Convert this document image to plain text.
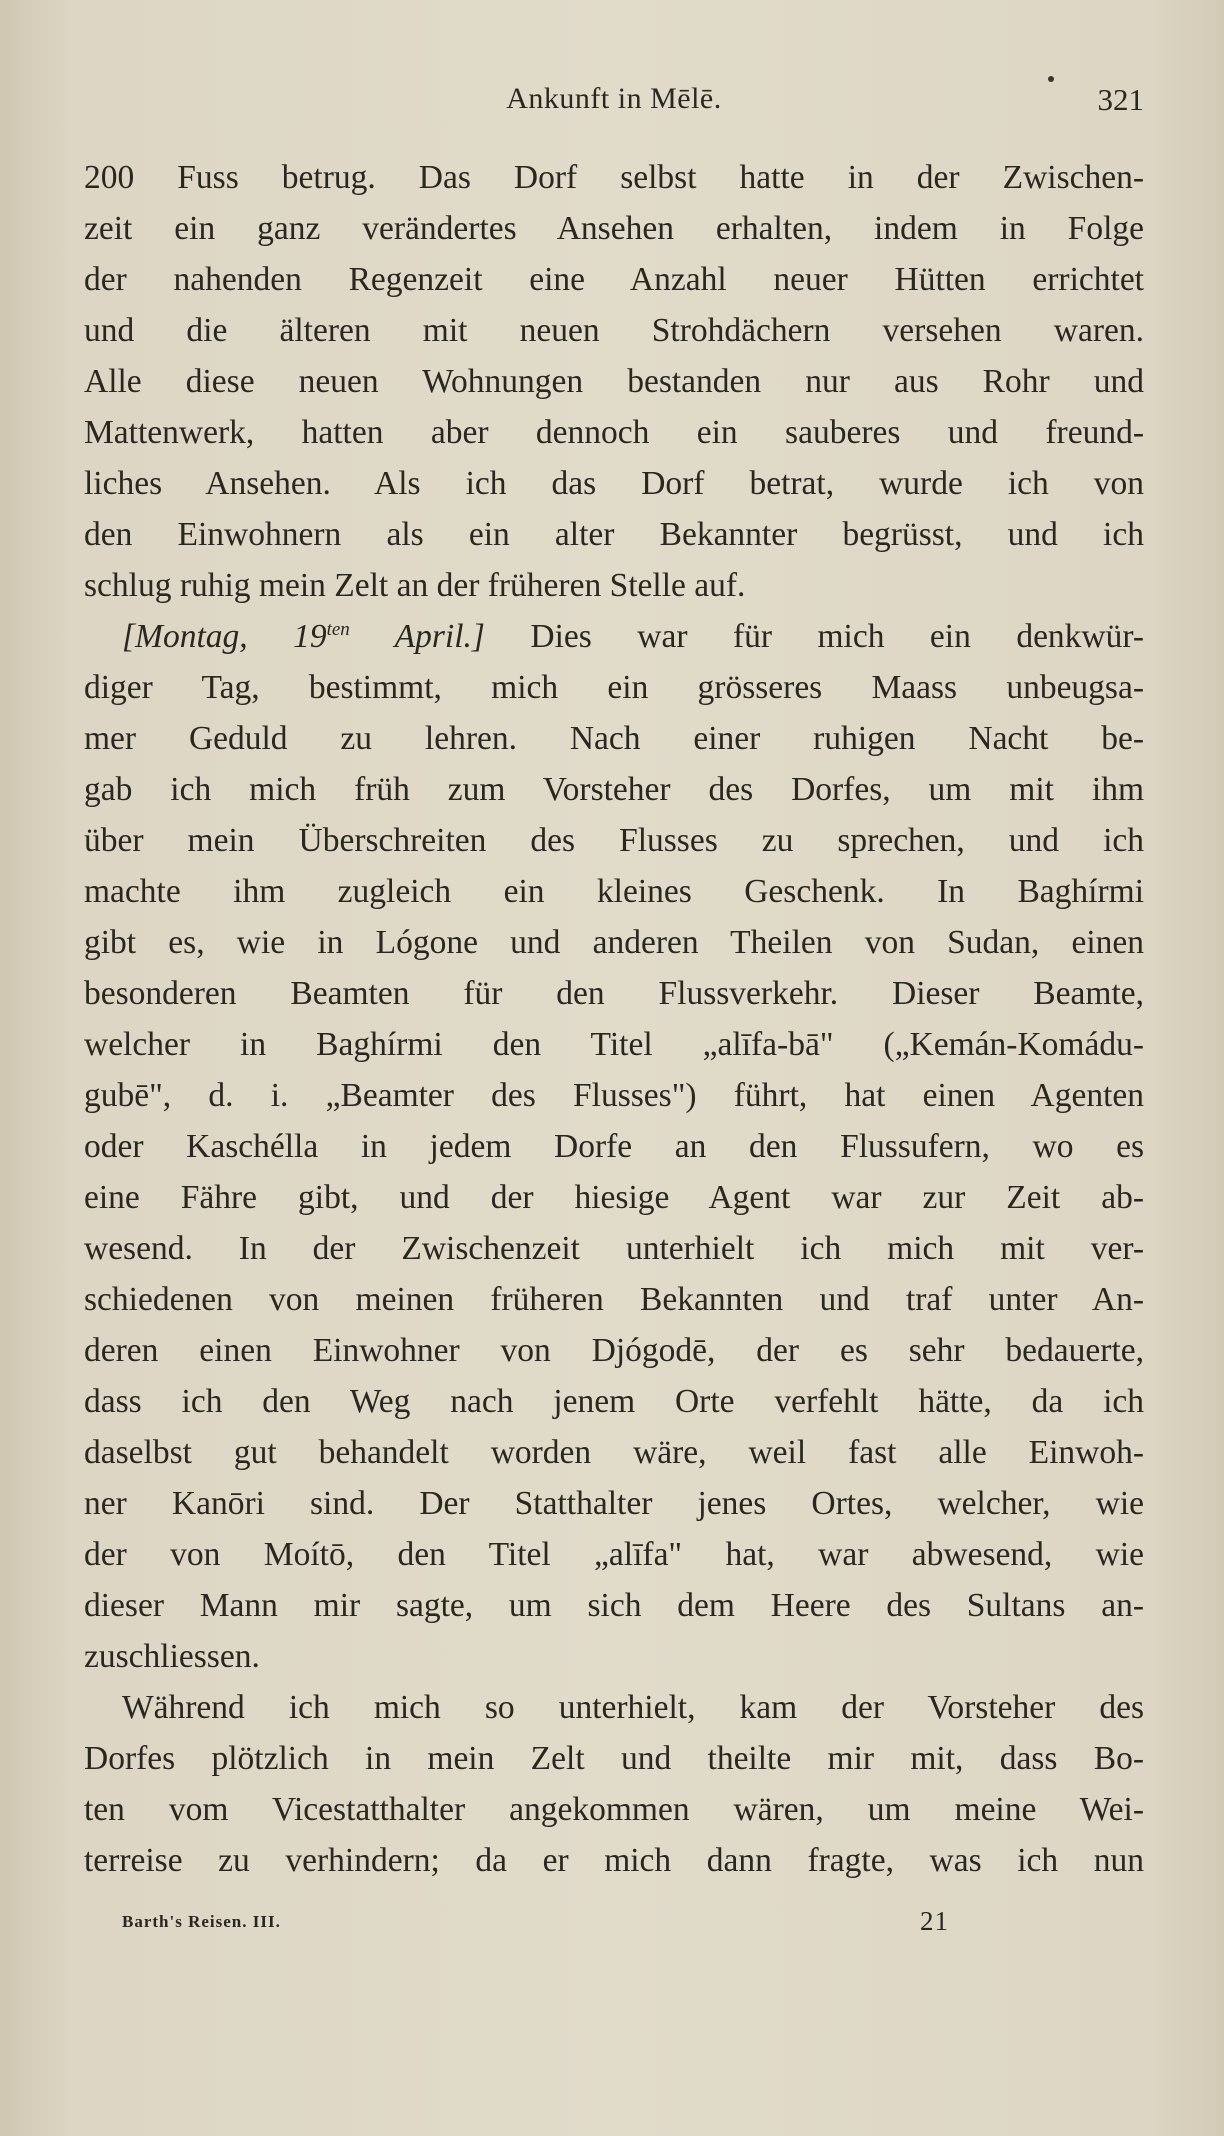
Ankunft in Mēlē.	321
200 Fuss betrug. Das Dorf selbst hatte in der Zwischen-
zeit ein ganz verändertes Ansehen erhalten, indem in Folge
der nahenden Regenzeit eine Anzahl neuer Hütten errichtet
und die älteren mit neuen Strohdächern versehen waren.
Alle diese neuen Wohnungen bestanden nur aus Rohr und
Mattenwerk, hatten aber dennoch ein sauberes und freund-
liches Ansehen. Als ich das Dorf betrat, wurde ich von
den Einwohnern als ein alter Bekannter begrüsst, und ich
schlug ruhig mein Zelt an der früheren Stelle auf.
[Montag, $19^{ten}$ April.] Dies war für mich ein denkwür-
diger Tag, bestimmt, mich ein grösseres Maass unbeugsa-
mer Geduld zu lehren. Nach einer ruhigen Nacht be-
gab ich mich früh zum Vorsteher des Dorfes, um mit ihm
über mein Überschreiten des Flusses zu sprechen, und ich
machte ihm zugleich ein kleines Geschenk. In Baghírmi
gibt es, wie in Lógone und anderen Theilen von Sudan, einen
besonderen Beamten für den Flussverkehr. Dieser Beamte,
welcher in Baghírmi den Titel „alīfa-bā" („Kemán-Komádu-
gubē", d. i. „Beamter des Flusses") führt, hat einen Agenten
oder Kaschélla in jedem Dorfe an den Flussufern, wo es
eine Fähre gibt, und der hiesige Agent war zur Zeit ab-
wesend. In der Zwischenzeit unterhielt ich mich mit ver-
schiedenen von meinen früheren Bekannten und traf unter An-
deren einen Einwohner von Djógodē, der es sehr bedauerte,
dass ich den Weg nach jenem Orte verfehlt hätte, da ich
daselbst gut behandelt worden wäre, weil fast alle Einwoh-
ner Kanōri sind. Der Statthalter jenes Ortes, welcher, wie
der von Moítō, den Titel „alīfa" hat, war abwesend, wie
dieser Mann mir sagte, um sich dem Heere des Sultans an-
zuschliessen.
Während ich mich so unterhielt, kam der Vorsteher des
Dorfes plötzlich in mein Zelt und theilte mir mit, dass Bo-
ten vom Vicestatthalter angekommen wären, um meine Wei-
terreise zu verhindern; da er mich dann fragte, was ich nun
Barth's Reisen. III.	21
